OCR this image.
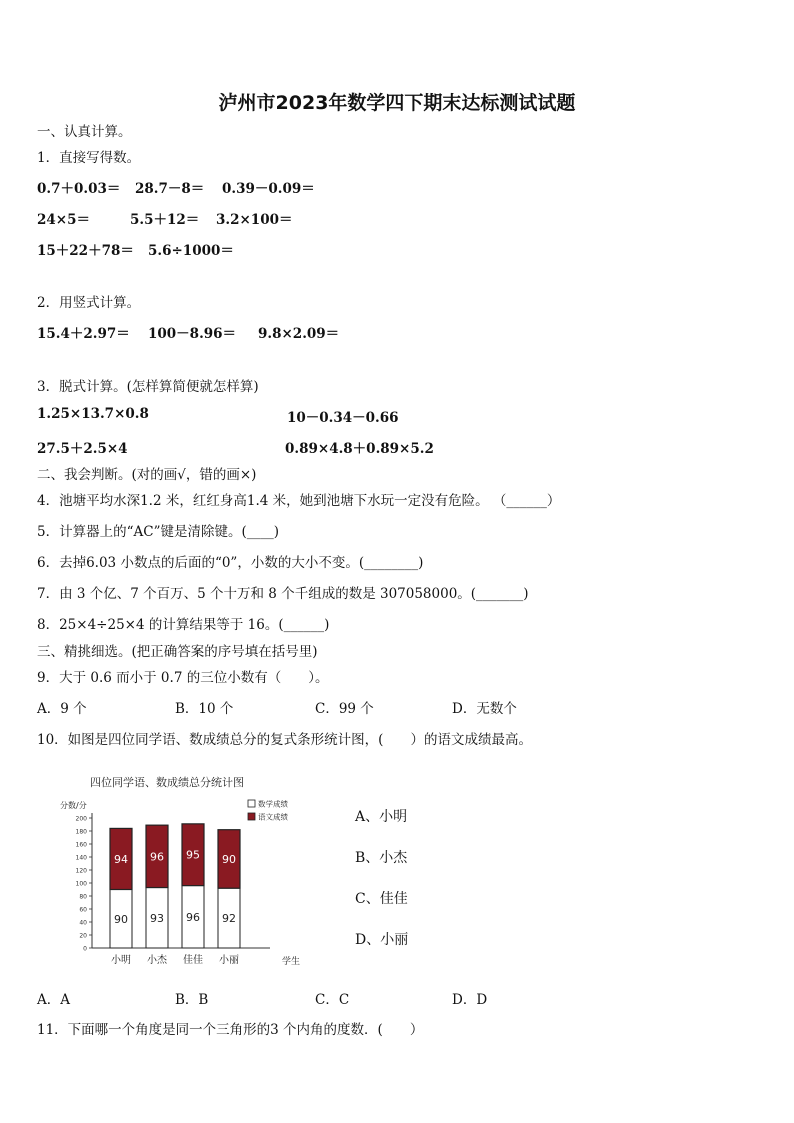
泸州市2023年数学四下期末达标测试试题
一、认真计算。
1．直接写得数。
0.7＋0.03＝ 28.7－8＝ 0.39－0.09＝
24×5＝	5.5＋12＝ 3.2×100＝
15＋22＋78＝ 5.6÷1000＝
2．用竖式计算。
15.4＋2.97＝ 100－8.96＝ 9.8×2.09＝
3．脱式计算。(怎样算简便就怎样算)
1.25×13.7×0.8	10－0.34－0.66
27.5＋2.5×4	0.89×4.8＋0.89×5.2
二、我会判断。(对的画√，错的画×)
4．池塘平均水深1.2 米，红红身高1.4 米，她到池塘下水玩一定没有危险。 （______）
5．计算器上的“AC”键是清除键。(____)
6．去掉6.03 小数点的后面的“0”，小数的大小不变。(________)
7．由 3 个亿、7 个百万、5 个十万和 8 个千组成的数是 307058000。(_______)
8．25×4÷25×4 的计算结果等于 16。(______)
三、精挑细选。(把正确答案的序号填在括号里)
9．大于 0.6 而小于 0.7 的三位小数有（　　）。
A．9 个	B．10 个	C．99 个	D．无数个
10．如图是四位同学语、数成绩总分的复式条形统计图，(　　）的语文成绩最高。
四位同学语、数成绩总分统计图
分数/分
学生
0
20
40
60
80
100
120
140
160
180
200
90
94
小明
93
96
小杰
96
95
佳佳
92
90
小丽
数学成绩
语文成绩	A、小明
B、小杰
C、佳佳
D、小丽
A．A	B．B	C．C	D．D
11．下面哪一个角度是同一个三角形的3 个内角的度数．(　　）
